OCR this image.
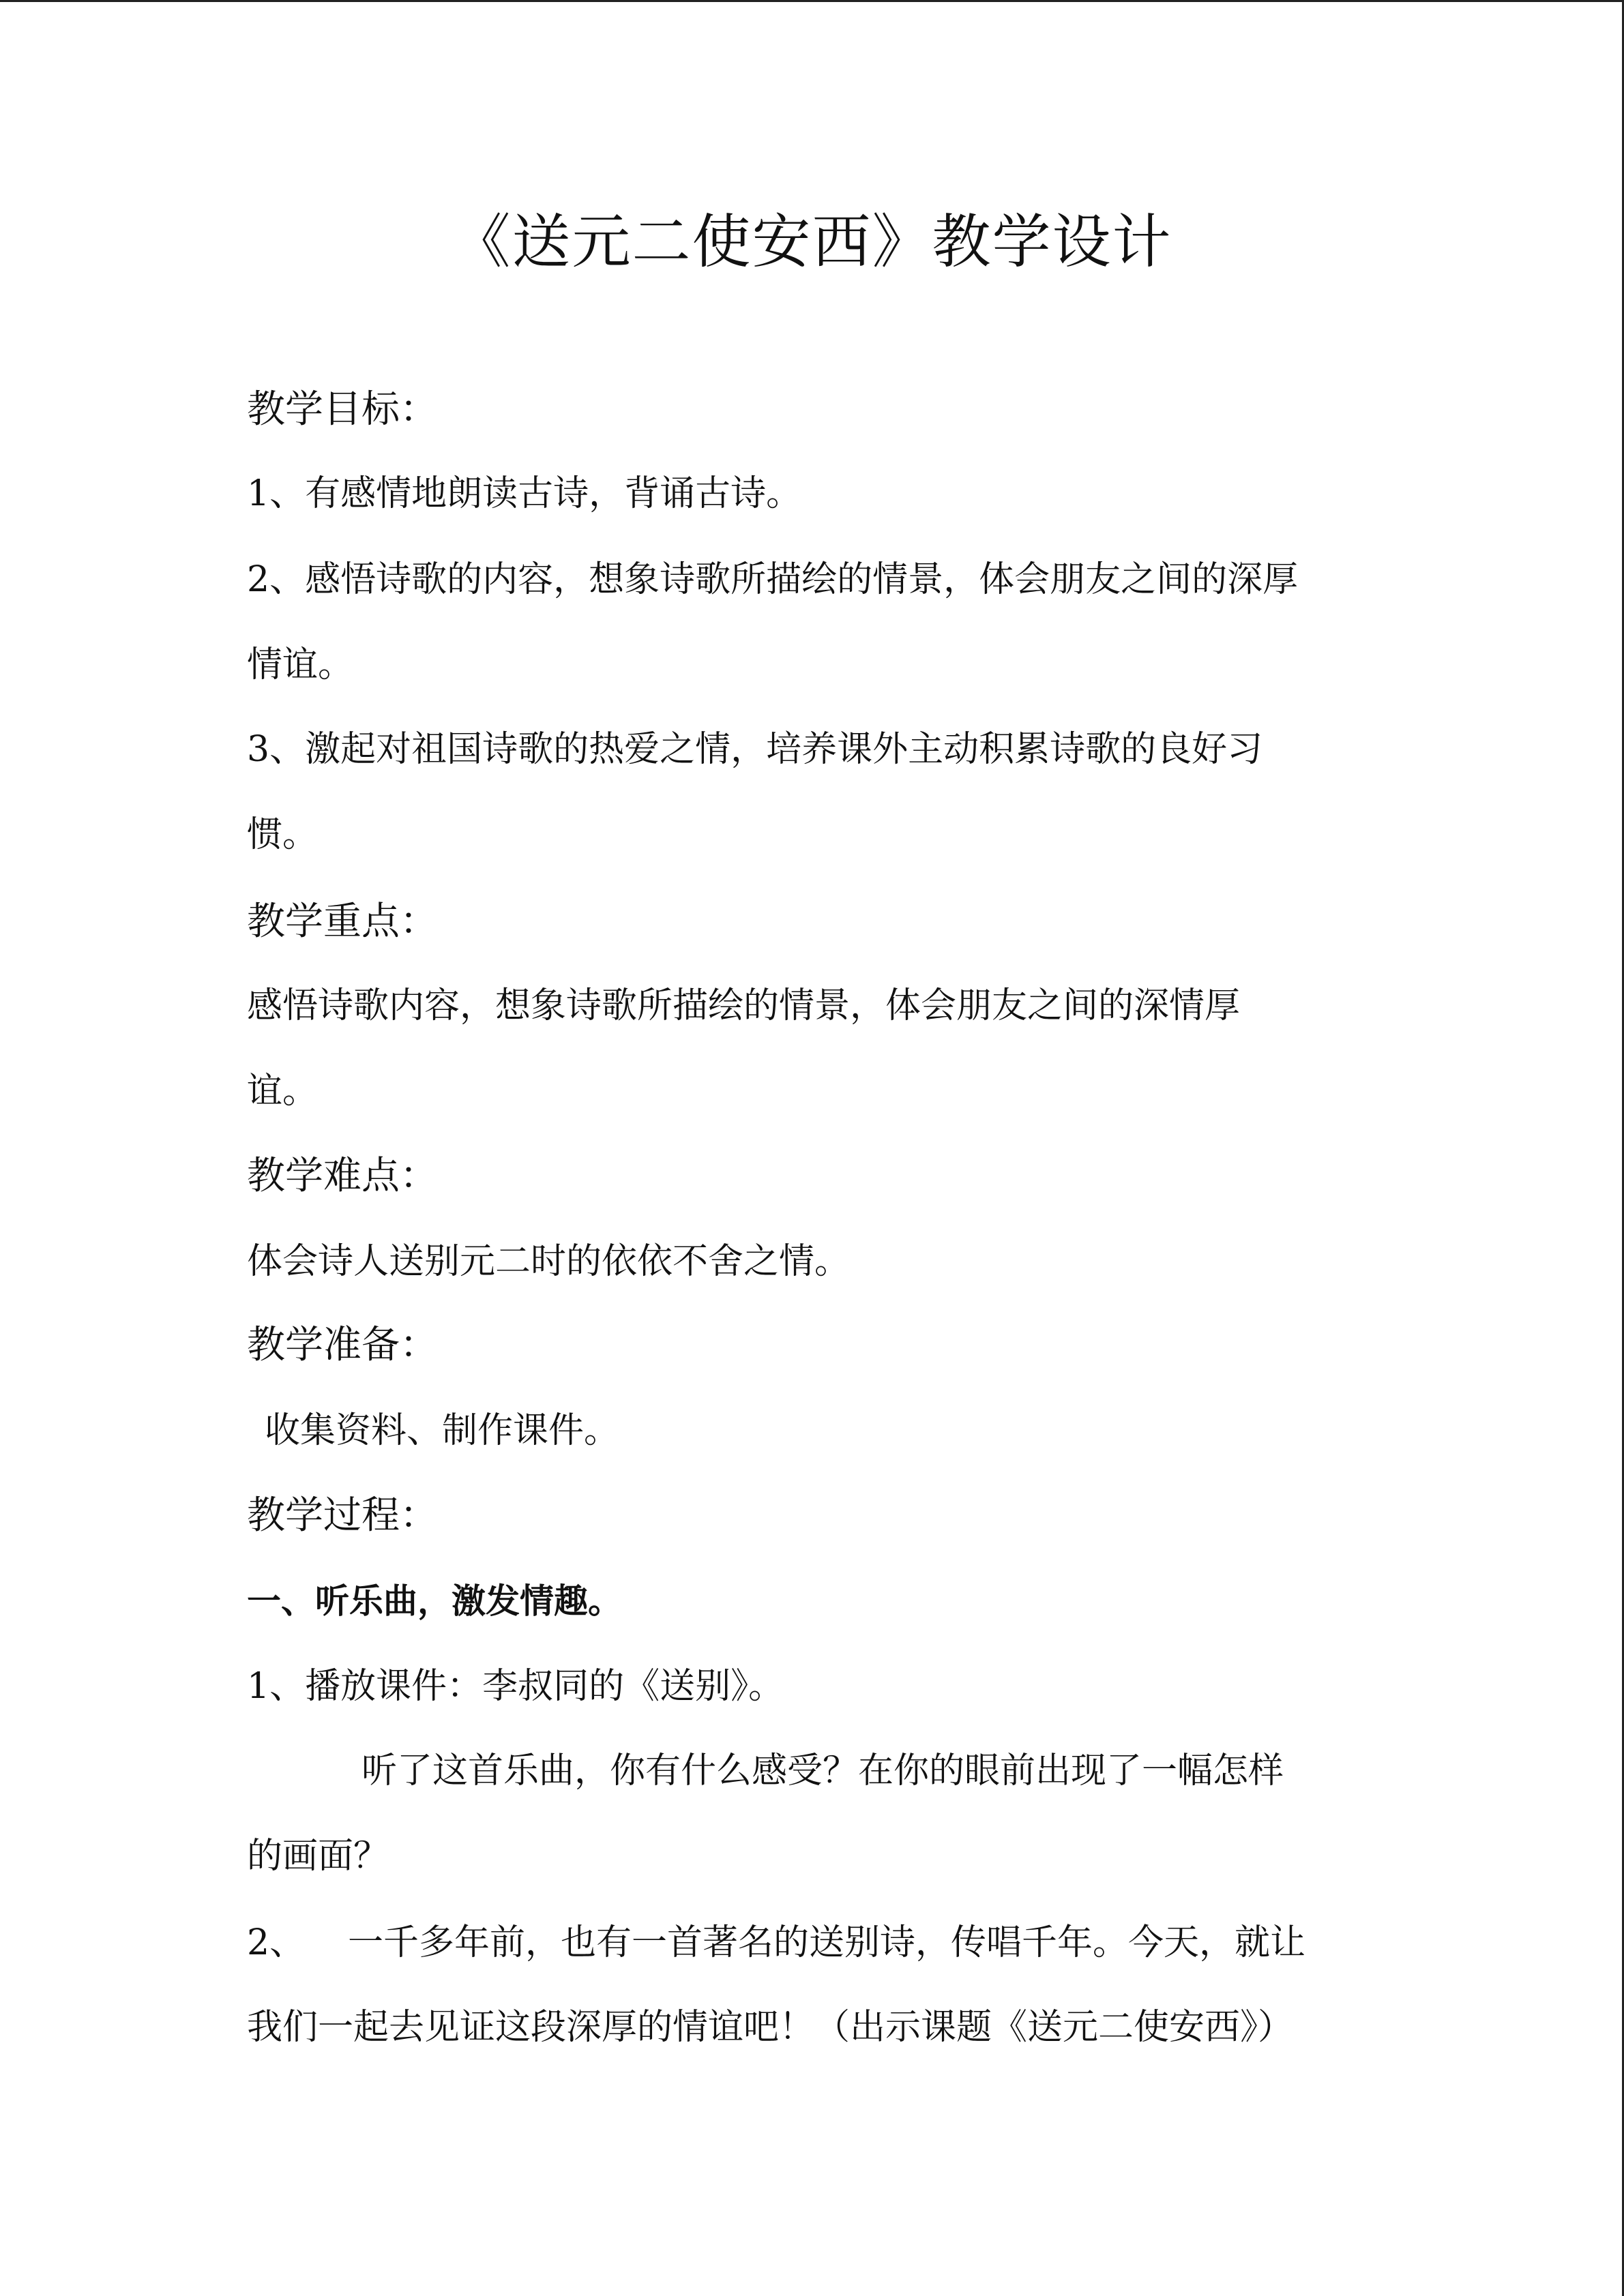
《送元二使安西》教学设计
教学目标：
1、有感情地朗读古诗，背诵古诗。
2、感悟诗歌的内容，想象诗歌所描绘的情景，体会朋友之间的深厚
情谊。
3、激起对祖国诗歌的热爱之情，培养课外主动积累诗歌的良好习
惯。
教学重点：
感悟诗歌内容，想象诗歌所描绘的情景，体会朋友之间的深情厚
谊。
教学难点：
体会诗人送别元二时的依依不舍之情。
教学准备：
收集资料、制作课件。
教学过程：
一、听乐曲，激发情趣。
1、播放课件：李叔同的《送别》。
听了这首乐曲，你有什么感受？在你的眼前出现了一幅怎样
的画面？
2、 一千多年前，也有一首著名的送别诗，传唱千年。今天，就让
我们一起去见证这段深厚的情谊吧！（出示课题《送元二使安西》）
